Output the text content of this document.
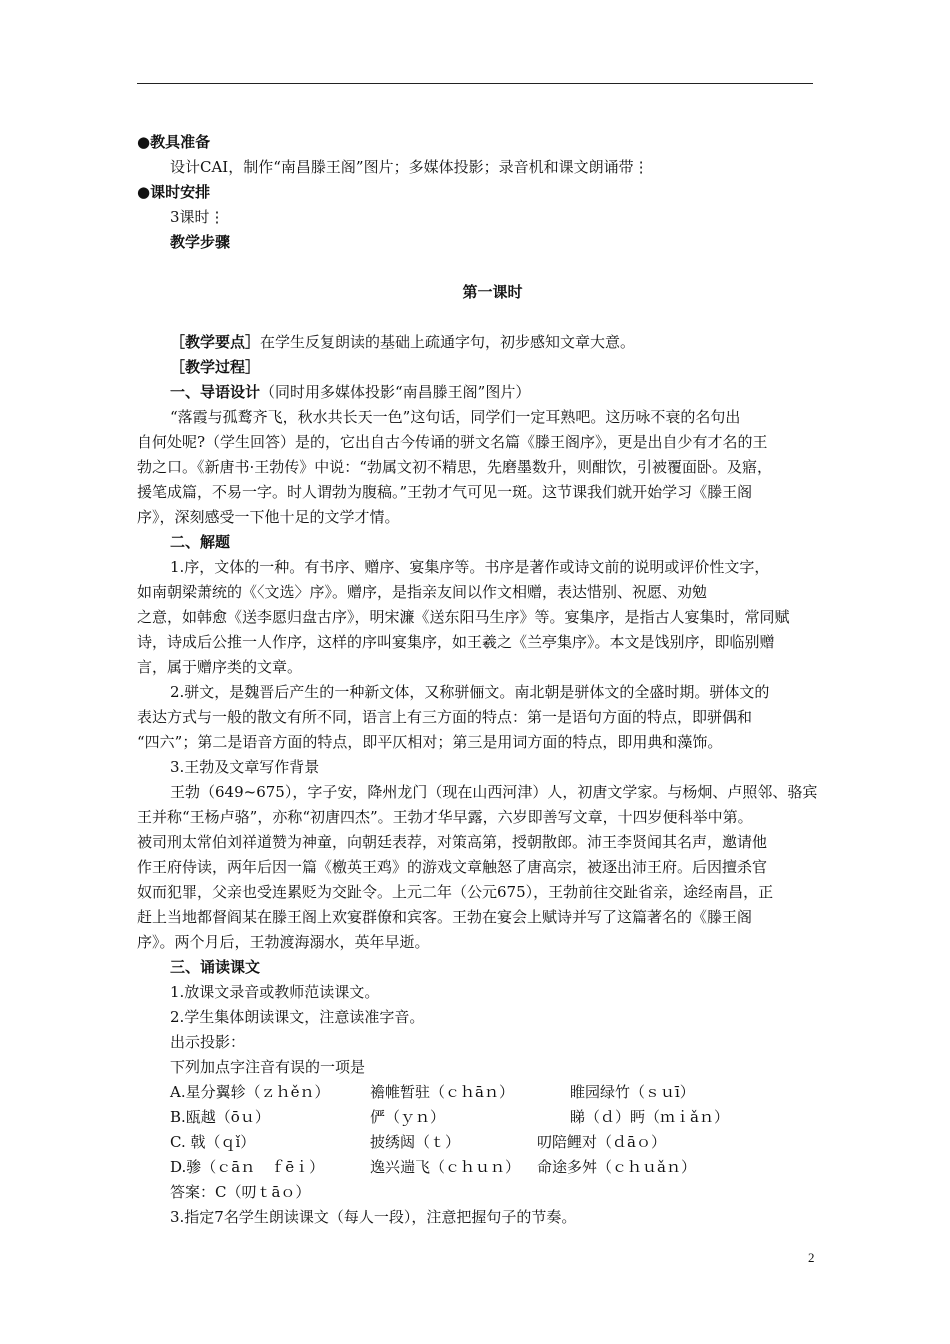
●教具准备
设计CAI，制作“南昌滕王阁”图片；多媒体投影；录音机和课文朗诵带⋮
●课时安排
3课时⋮
教学步骤
第一课时
［教学要点］在学生反复朗读的基础上疏通字句，初步感知文章大意。
［教学过程］
一、导语设计（同时用多媒体投影“南昌滕王阁”图片）
“落霞与孤鹜齐飞，秋水共长天一色”这句话，同学们一定耳熟吧。这历咏不衰的名句出
自何处呢?（学生回答）是的，它出自古今传诵的骈文名篇《滕王阁序》，更是出自少有才名的王
勃之口。《新唐书·王勃传》中说：“勃属文初不精思，先磨墨数升，则酣饮，引被覆面卧。及寤，
援笔成篇，不易一字。时人谓勃为腹稿。”王勃才气可见一斑。这节课我们就开始学习《滕王阁
序》，深刻感受一下他十足的文学才情。
二、解题
1.序，文体的一种。有书序、赠序、宴集序等。书序是著作或诗文前的说明或评价性文字，
如南朝梁萧统的《〈文选〉序》。赠序，是指亲友间以作文相赠，表达惜别、祝愿、劝勉
之意，如韩愈《送李愿归盘古序》，明宋濂《送东阳马生序》等。宴集序，是指古人宴集时，常同赋
诗，诗成后公推一人作序，这样的序叫宴集序，如王羲之《兰亭集序》。本文是饯别序，即临别赠
言，属于赠序类的文章。
2.骈文，是魏晋后产生的一种新文体，又称骈俪文。南北朝是骈体文的全盛时期。骈体文的
表达方式与一般的散文有所不同，语言上有三方面的特点：第一是语句方面的特点，即骈偶和
“四六”；第二是语音方面的特点，即平仄相对；第三是用词方面的特点，即用典和藻饰。
3.王勃及文章写作背景
王勃（649~675），字子安，降州龙门（现在山西河津）人，初唐文学家。与杨炯、卢照邻、骆宾
王并称“王杨卢骆”，亦称“初唐四杰”。王勃才华早露，六岁即善写文章，十四岁便科举中第。
被司刑太常伯刘祥道赞为神童，向朝廷表荐，对策高第，授朝散郎。沛王李贤闻其名声，邀请他
作王府侍读，两年后因一篇《檄英王鸡》的游戏文章触怒了唐高宗，被逐出沛王府。后因擅杀官
奴而犯罪，父亲也受连累贬为交趾令。上元二年（公元675），王勃前往交趾省亲，途经南昌，正
赶上当地都督阎某在滕王阁上欢宴群僚和宾客。王勃在宴会上赋诗并写了这篇著名的《滕王阁
序》。两个月后，王勃渡海溺水，英年早逝。
三、诵读课文
1.放课文录音或教师范读课文。
2.学生集体朗读课文，注意读准字音。
出示投影：
下列加点字注音有误的一项是
A.星分翼轸（ｚｈěｎ）	襜帷暂驻（ｃｈāｎ）	睢园绿竹（ｓｕī）
B.瓯越（ōｕ）	俨（ｙｎ）	睇（ｄ）眄（ｍｉǎｎ）
C. 戟（ｑǐ）	披绣闼（ｔ）	叨陪鲤对（ｄāｏ）
D.骖（ｃāｎ　ｆēｉ）	逸兴遄飞（ｃｈｕｎ） 命途多舛（ｃｈｕǎｎ）
答案：C（叨ｔāｏ）
3.指定7名学生朗读课文（每人一段），注意把握句子的节奏。
2
